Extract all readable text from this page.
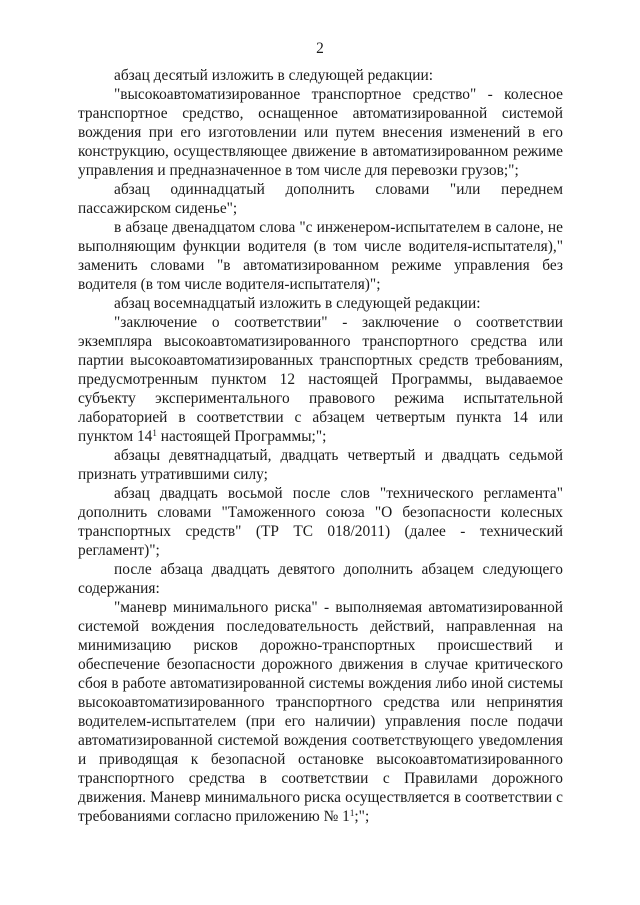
2

абзац десятый изложить в следующей редакции:

"высокоавтоматизированное транспортное средство" - колесное транспортное средство, оснащенное автоматизированной системой вождения при его изготовлении или путем внесения изменений в его конструкцию, осуществляющее движение в автоматизированном режиме управления и предназначенное в том числе для перевозки грузов;";

абзац одиннадцатый дополнить словами "или переднем пассажирском сиденье";

в абзаце двенадцатом слова "с инженером-испытателем в салоне, не выполняющим функции водителя (в том числе водителя-испытателя)," заменить словами "в автоматизированном режиме управления без водителя (в том числе водителя-испытателя)";

абзац восемнадцатый изложить в следующей редакции:

"заключение о соответствии" - заключение о соответствии экземпляра высокоавтоматизированного транспортного средства или партии высокоавтоматизированных транспортных средств требованиям, предусмотренным пунктом 12 настоящей Программы, выдаваемое субъекту экспериментального правового режима испытательной лабораторией в соответствии с абзацем четвертым пункта 14 или пунктом $14^1$ настоящей Программы;";

абзацы девятнадцатый, двадцать четвертый и двадцать седьмой признать утратившими силу;

абзац двадцать восьмой после слов "технического регламента" дополнить словами "Таможенного союза "О безопасности колесных транспортных средств" (ТР ТС 018/2011) (далее - технический регламент)";

после абзаца двадцать девятого дополнить абзацем следующего содержания:

"маневр минимального риска" - выполняемая автоматизированной системой вождения последовательность действий, направленная на минимизацию рисков дорожно-транспортных происшествий и обеспечение безопасности дорожного движения в случае критического сбоя в работе автоматизированной системы вождения либо иной системы высокоавтоматизированного транспортного средства или непринятия водителем-испытателем (при его наличии) управления после подачи автоматизированной системой вождения соответствующего уведомления и приводящая к безопасной остановке высокоавтоматизированного транспортного средства в соответствии с Правилами дорожного движения. Маневр минимального риска осуществляется в соответствии с требованиями согласно приложению № $1^1$;";
